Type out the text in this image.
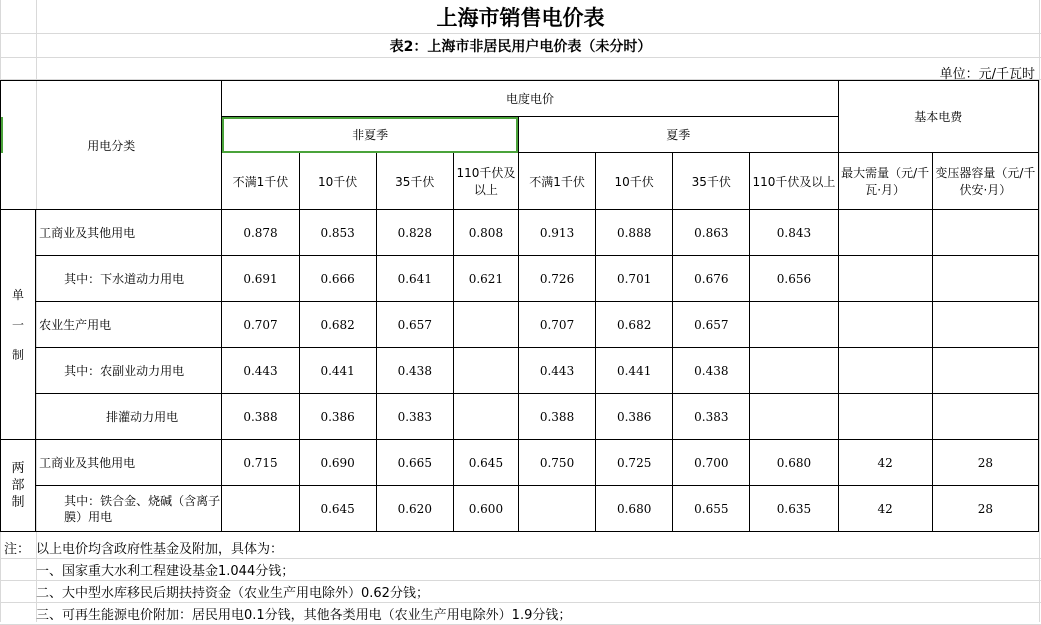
上海市销售电价表
表2：上海市非居民用户电价表（未分时）
单位：元/千瓦时
用电分类		电度电价								基本电费	
		非夏季				夏季					
		不满1千伏	10千伏	35千伏	110千伏及以上	不满1千伏	10千伏	35千伏	110千伏及以上	最大需量（元/千瓦·月）	变压器容量（元/千伏安·月）
单一制	工商业及其他用电	0.878	0.853	0.828	0.808	0.913	0.888	0.863	0.843		
	其中：下水道动力用电	0.691	0.666	0.641	0.621	0.726	0.701	0.676	0.656		
	农业生产用电	0.707	0.682	0.657		0.707	0.682	0.657			
	其中：农副业动力用电	0.443	0.441	0.438		0.443	0.441	0.438			
	排灌动力用电	0.388	0.386	0.383		0.388	0.386	0.383			
两部制	工商业及其他用电	0.715	0.690	0.665	0.645	0.750	0.725	0.700	0.680	42	28
	其中：铁合金、烧碱（含离子膜）用电		0.645	0.620	0.600		0.680	0.655	0.635	42	28
注： 以上电价均含政府性基金及附加，具体为：
一、国家重大水利工程建设基金1.044分钱；
二、大中型水库移民后期扶持资金（农业生产用电除外）0.62分钱；
三、可再生能源电价附加：居民用电0.1分钱，其他各类用电（农业生产用电除外）1.9分钱；
